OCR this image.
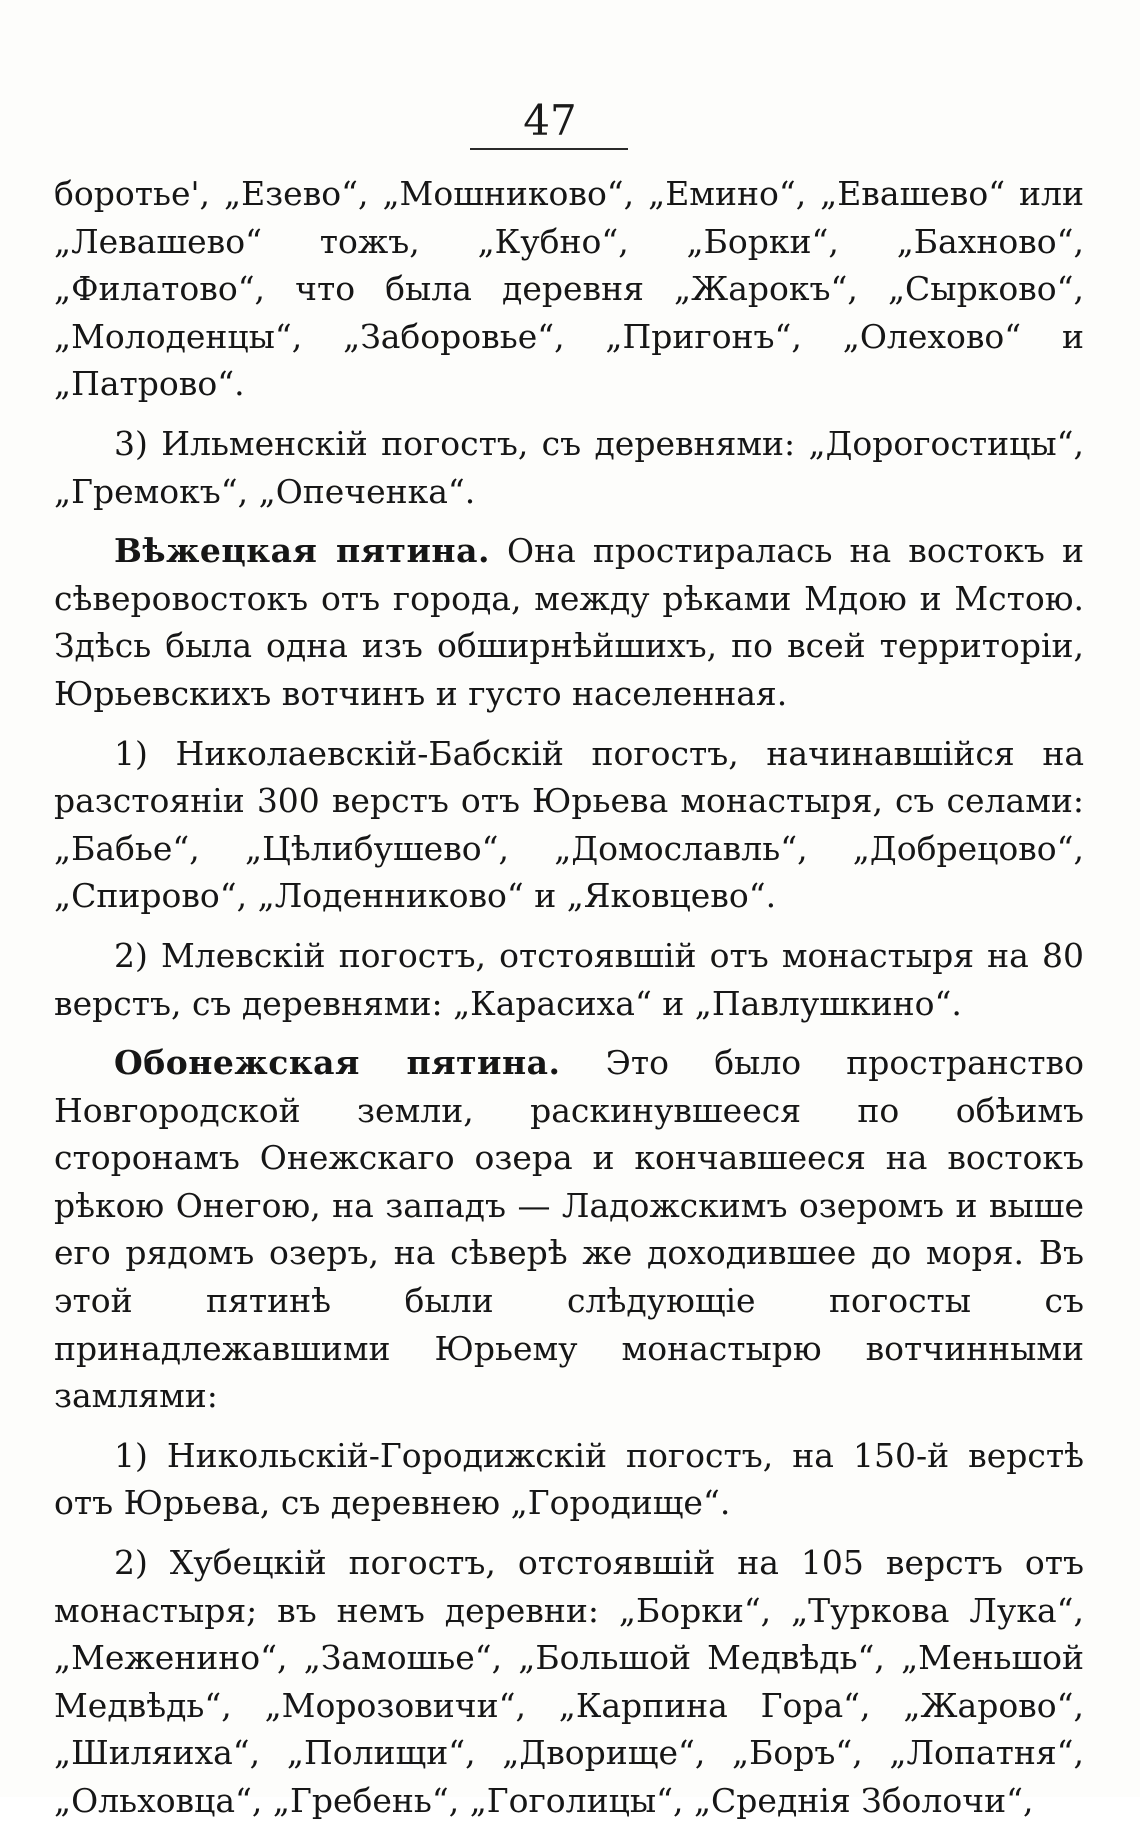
47

боротье', „Езево“, „Мошниково“, „Емино“, „Евашево“ или „Левашево“ тожъ, „Кубно“, „Борки“, „Бахново“, „Филатово“, что была деревня „Жарокъ“, „Сырково“, „Молоденцы“, „Заборовье“, „Пригонъ“, „Олехово“ и „Патрово“.

3) Ильменскій погостъ, съ деревнями: „Дорогостицы“, „Гремокъ“, „Опеченка“.

Вѣжецкая пятина. Она простиралась на востокъ и сѣверовостокъ отъ города, между рѣками Мдою и Мстою. Здѣсь была одна изъ обширнѣйшихъ, по всей территоріи, Юрьевскихъ вотчинъ и густо населенная.

1) Николаевскій-Бабскій погостъ, начинавшійся на разстояніи 300 верстъ отъ Юрьева монастыря, съ селами: „Бабье“, „Цѣлибушево“, „Домославль“, „Добрецово“, „Спирово“, „Лоденниково“ и „Яковцево“.

2) Млевскій погостъ, отстоявшій отъ монастыря на 80 верстъ, съ деревнями: „Карасиха“ и „Павлушкино“.

Обонежская пятина. Это было пространство Новгородской земли, раскинувшееся по обѣимъ сторонамъ Онежскаго озера и кончавшееся на востокъ рѣкою Онегою, на западъ — Ладожскимъ озеромъ и выше его рядомъ озеръ, на сѣверѣ же доходившее до моря. Въ этой пятинѣ были слѣдующіе погосты съ принадлежавшими Юрьему монастырю вотчинными замлями:

1) Никольскій-Городижскій погостъ, на 150-й верстѣ отъ Юрьева, съ деревнею „Городище“.

2) Хубецкій погостъ, отстоявшій на 105 верстъ отъ монастыря; въ немъ деревни: „Борки“, „Туркова Лука“, „Меженино“, „Замошье“, „Большой Медвѣдь“, „Меньшой Медвѣдь“, „Морозовичи“, „Карпина Гора“, „Жарово“, „Шиляиха“, „Полищи“, „Дворище“, „Боръ“, „Лопатня“, „Ольховца“, „Гребень“, „Гоголицы“, „Среднія Зболочи“,
